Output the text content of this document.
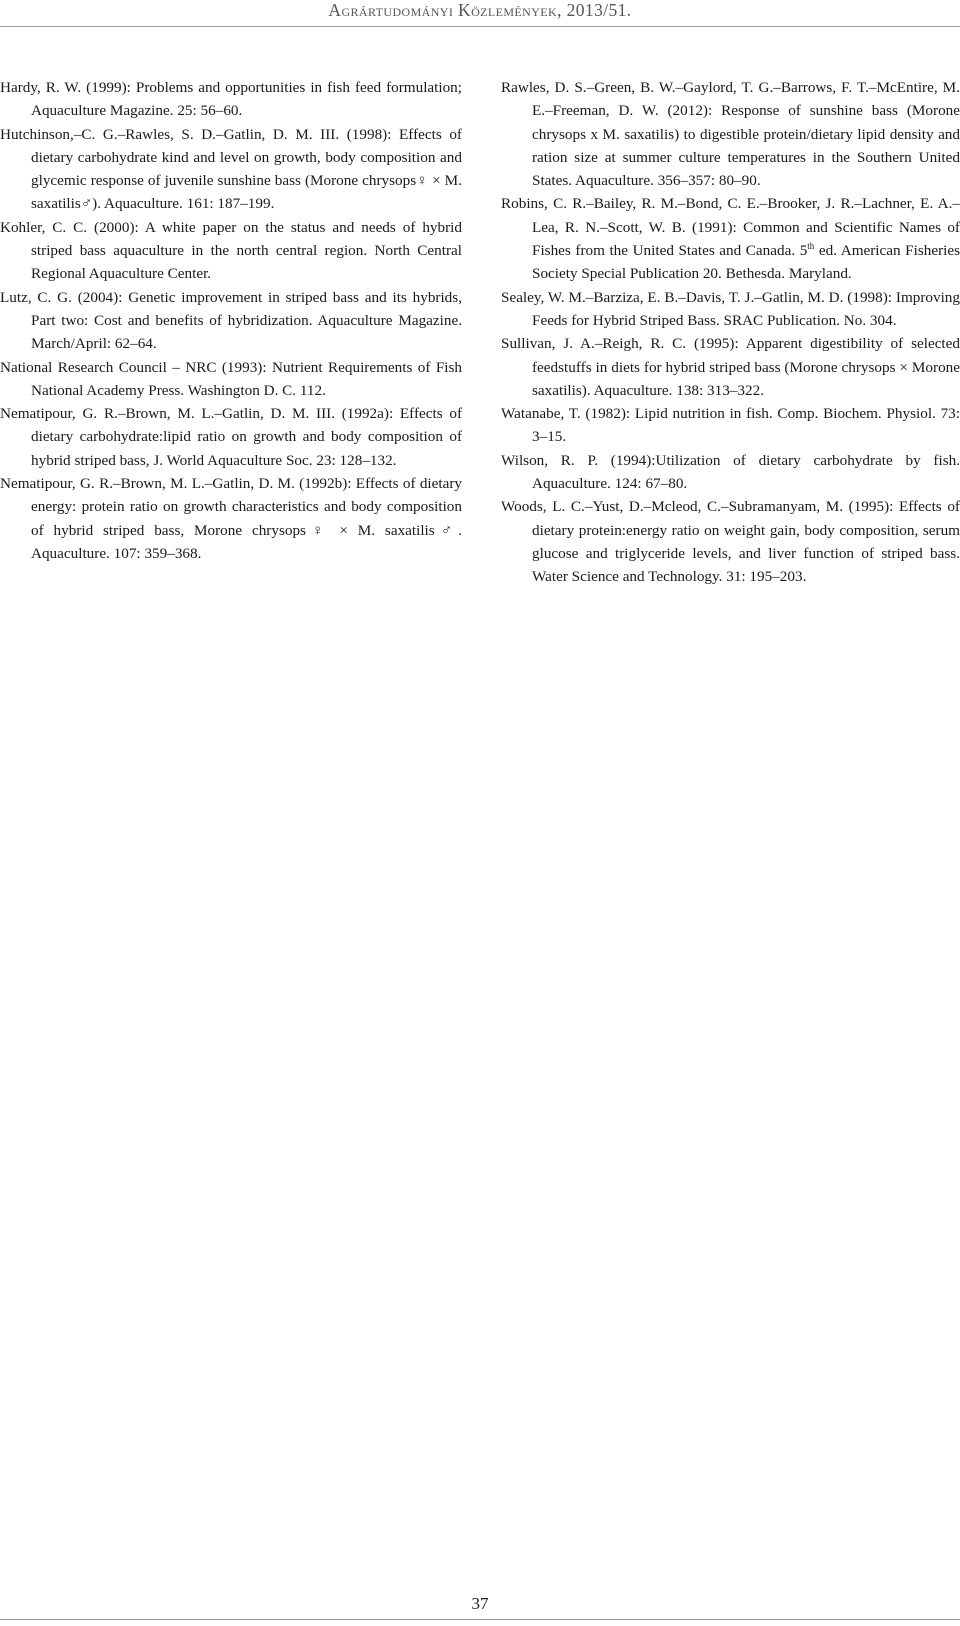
Agrártudományi Közlemények, 2013/51.

Hardy, R. W. (1999): Problems and opportunities in fish feed formulation; Aquaculture Magazine. 25: 56–60.

Hutchinson,–C. G.–Rawles, S. D.–Gatlin, D. M. III. (1998): Effects of dietary carbohydrate kind and level on growth, body composition and glycemic response of juvenile sunshine bass (Morone chrysops♀ × M. saxatilis♂). Aquaculture. 161: 187–199.

Kohler, C. C. (2000): A white paper on the status and needs of hybrid striped bass aquaculture in the north central region. North Central Regional Aquaculture Center.

Lutz, C. G. (2004): Genetic improvement in striped bass and its hybrids, Part two: Cost and benefits of hybridization. Aquaculture Magazine. March/April: 62–64.

National Research Council – NRC (1993): Nutrient Requirements of Fish National Academy Press. Washington D. C. 112.

Nematipour, G. R.–Brown, M. L.–Gatlin, D. M. III. (1992a): Effects of dietary carbohydrate:lipid ratio on growth and body composition of hybrid striped bass, J. World Aquaculture Soc. 23: 128–132.

Nematipour, G. R.–Brown, M. L.–Gatlin, D. M. (1992b): Effects of dietary energy: protein ratio on growth characteristics and body composition of hybrid striped bass, Morone chrysops♀ × M. saxatilis♂. Aquaculture. 107: 359–368.

Rawles, D. S.–Green, B. W.–Gaylord, T. G.–Barrows, F. T.–McEntire, M. E.–Freeman, D. W. (2012): Response of sunshine bass (Morone chrysops x M. saxatilis) to digestible protein/dietary lipid density and ration size at summer culture temperatures in the Southern United States. Aquaculture. 356–357: 80–90.

Robins, C. R.–Bailey, R. M.–Bond, C. E.–Brooker, J. R.–Lachner, E. A.–Lea, R. N.–Scott, W. B. (1991): Common and Scientific Names of Fishes from the United States and Canada. 5th ed. American Fisheries Society Special Publication 20. Bethesda. Maryland.

Sealey, W. M.–Barziza, E. B.–Davis, T. J.–Gatlin, M. D. (1998): Improving Feeds for Hybrid Striped Bass. SRAC Publication. No. 304.

Sullivan, J. A.–Reigh, R. C. (1995): Apparent digestibility of selected feedstuffs in diets for hybrid striped bass (Morone chrysops × Morone saxatilis). Aquaculture. 138: 313–322.

Watanabe, T. (1982): Lipid nutrition in fish. Comp. Biochem. Physiol. 73: 3–15.

Wilson, R. P. (1994):Utilization of dietary carbohydrate by fish. Aquaculture. 124: 67–80.

Woods, L. C.–Yust, D.–Mcleod, C.–Subramanyam, M. (1995): Effects of dietary protein:energy ratio on weight gain, body composition, serum glucose and triglyceride levels, and liver function of striped bass. Water Science and Technology. 31: 195–203.

37
